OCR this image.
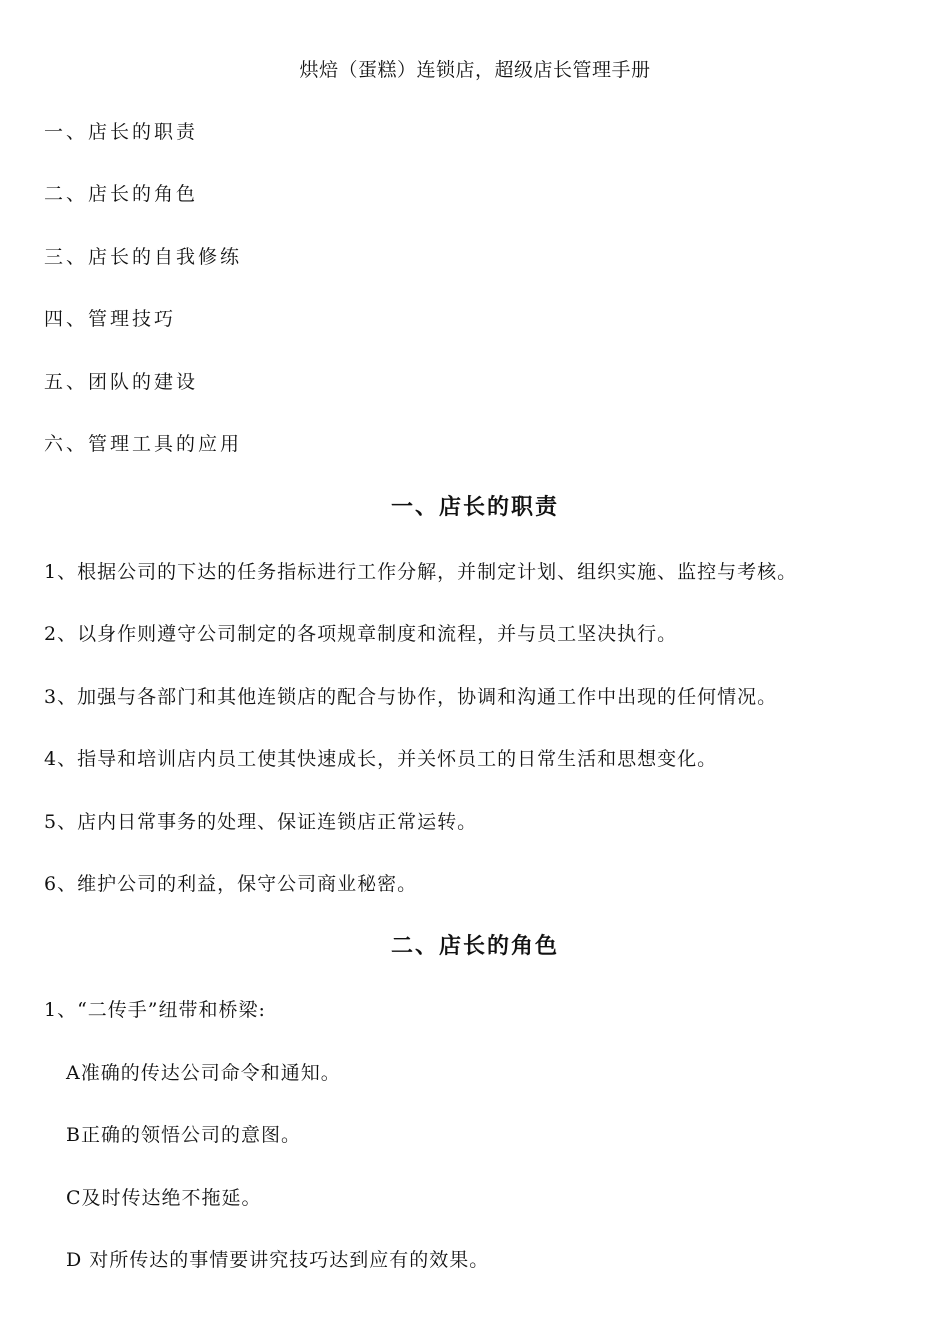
烘焙（蛋糕）连锁店，超级店长管理手册
一、店长的职责
二、店长的角色
三、店长的自我修练
四、管理技巧
五、团队的建设
六、管理工具的应用
一、店长的职责
1、根据公司的下达的任务指标进行工作分解，并制定计划、组织实施、监控与考核。
2、以身作则遵守公司制定的各项规章制度和流程，并与员工坚决执行。
3、加强与各部门和其他连锁店的配合与协作，协调和沟通工作中出现的任何情况。
4、指导和培训店内员工使其快速成长，并关怀员工的日常生活和思想变化。
5、店内日常事务的处理、保证连锁店正常运转。
6、维护公司的利益，保守公司商业秘密。
二、店长的角色
1、“二传手”纽带和桥梁:
A准确的传达公司命令和通知。
B正确的领悟公司的意图。
C及时传达绝不拖延。
D 对所传达的事情要讲究技巧达到应有的效果。
